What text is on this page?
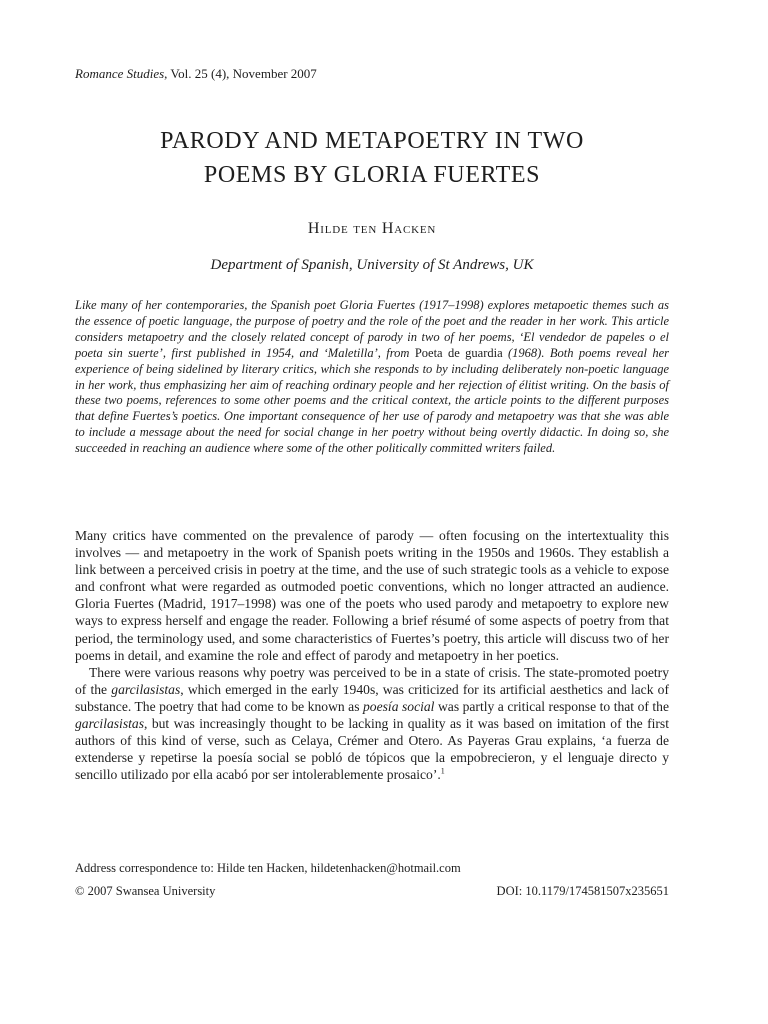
Romance Studies, Vol. 25 (4), November 2007
PARODY AND METAPOETRY IN TWO
POEMS BY GLORIA FUERTES
Hilde ten Hacken
Department of Spanish, University of St Andrews, UK

Like many of her contemporaries, the Spanish poet Gloria Fuertes (1917–1998) explores metapoetic themes such as the essence of poetic language, the purpose of poetry and the role of the poet and the reader in her work. This article considers metapoetry and the closely related concept of parody in two of her poems, ‘El vendedor de papeles o el poeta sin suerte’, first published in 1954, and ‘Maletilla’, from Poeta de guardia (1968). Both poems reveal her experience of being sidelined by literary critics, which she responds to by including deliberately non-poetic language in her work, thus emphasizing her aim of reaching ordinary people and her rejection of élitist writing. On the basis of these two poems, references to some other poems and the critical context, the article points to the different purposes that define Fuertes’s poetics. One important consequence of her use of parody and metapoetry was that she was able to include a message about the need for social change in her poetry without being overtly didactic. In doing so, she succeeded in reaching an audience where some of the other politically committed writers failed.

Many critics have commented on the prevalence of parody — often focusing on the intertextuality this involves — and metapoetry in the work of Spanish poets writing in the 1950s and 1960s. They establish a link between a perceived crisis in poetry at the time, and the use of such strategic tools as a vehicle to expose and confront what were regarded as outmoded poetic conventions, which no longer attracted an audience. Gloria Fuertes (Madrid, 1917–1998) was one of the poets who used parody and metapoetry to explore new ways to express herself and engage the reader. Following a brief résumé of some aspects of poetry from that period, the terminology used, and some characteristics of Fuertes’s poetry, this article will discuss two of her poems in detail, and examine the role and effect of parody and metapoetry in her poetics.

There were various reasons why poetry was perceived to be in a state of crisis. The state-promoted poetry of the garcilasistas, which emerged in the early 1940s, was criticized for its artificial aesthetics and lack of substance. The poetry that had come to be known as poesía social was partly a critical response to that of the garcilasistas, but was increasingly thought to be lacking in quality as it was based on imitation of the first authors of this kind of verse, such as Celaya, Crémer and Otero. As Payeras Grau explains, ‘a fuerza de extenderse y repetirse la poesía social se pobló de tópicos que la empobrecieron, y el lenguaje directo y sencillo utilizado por ella acabó por ser intolerablemente prosaico’.$^1$

Address correspondence to: Hilde ten Hacken, hildetenhacken@hotmail.com
© 2007 Swansea University	DOI: 10.1179/174581507x235651
